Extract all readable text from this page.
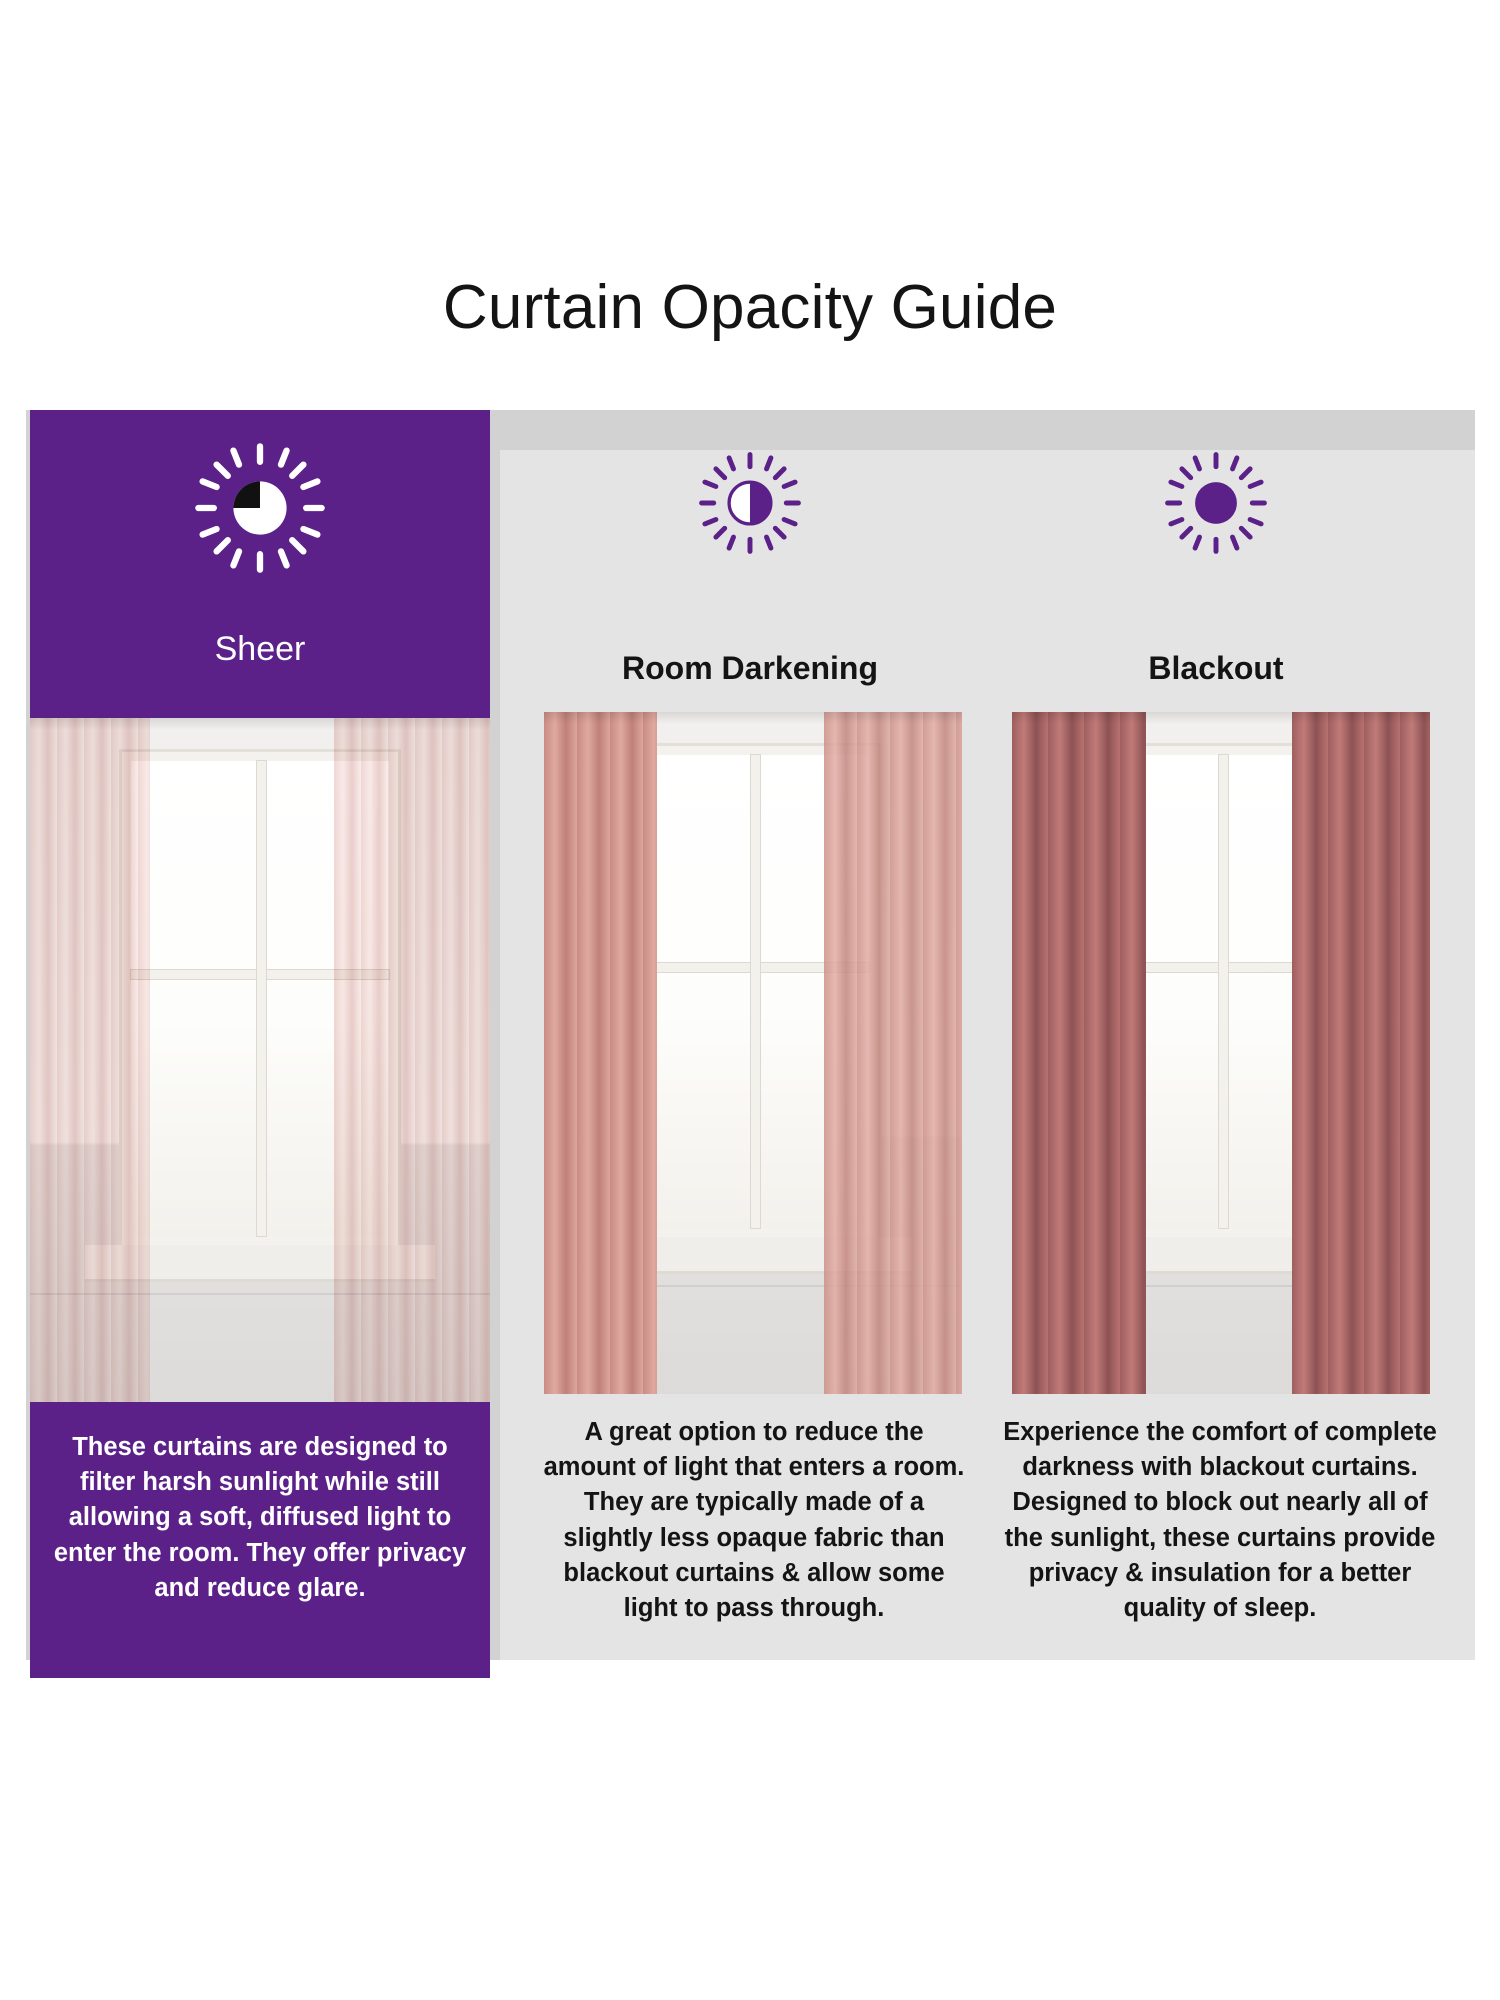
Curtain Opacity Guide
Sheer
These curtains are designed to filter harsh sunlight while still allowing a soft, diffused light to enter the room. They offer privacy and reduce glare.
Room Darkening
A great option to reduce the amount of light that enters a room. They are typically made of a slightly less opaque fabric than blackout curtains & allow some light to pass through.
Blackout
Experience the comfort of complete darkness with blackout curtains. Designed to block out nearly all of the sunlight, these curtains provide privacy & insulation for a better quality of sleep.
